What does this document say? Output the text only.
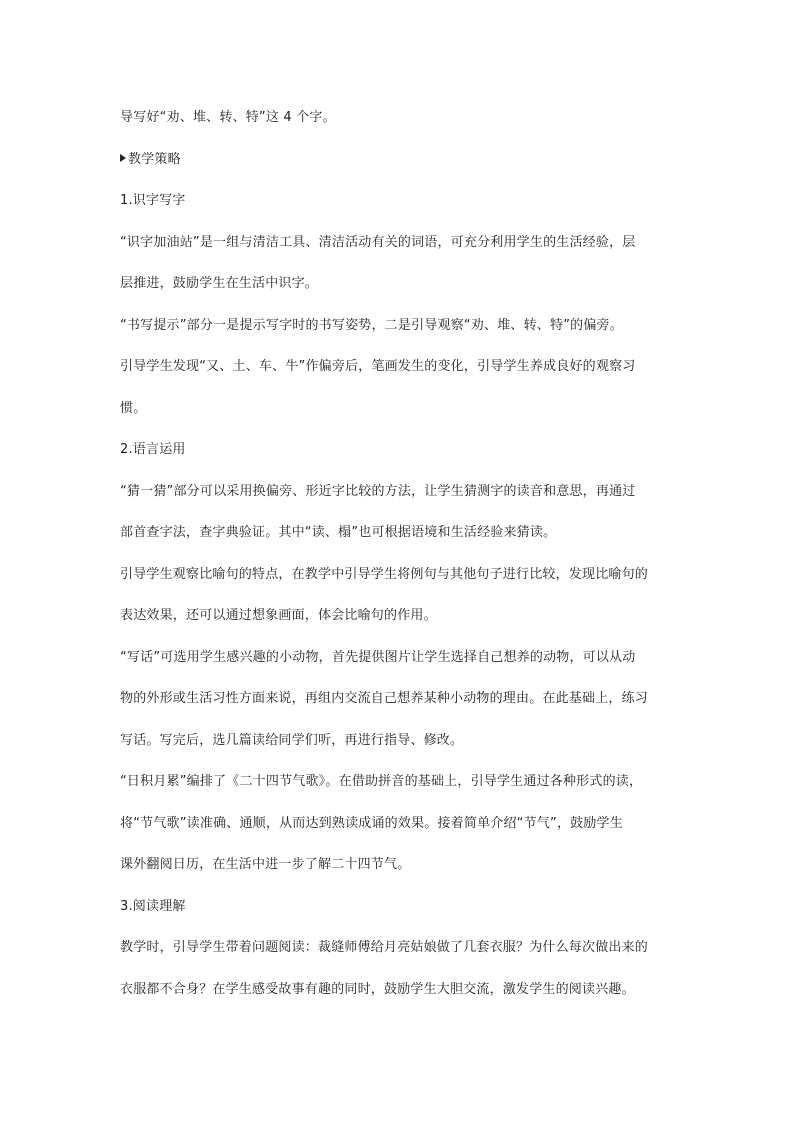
导写好“劝、堆、转、特”这 4 个字。
教学策略
1.识字写字
“识字加油站”是一组与清洁工具、清洁活动有关的词语，可充分利用学生的生活经验，层
层推进，鼓励学生在生活中识字。
“书写提示”部分一是提示写字时的书写姿势，二是引导观察“劝、堆、转、特”的偏旁。
引导学生发现“又、土、车、牛”作偏旁后，笔画发生的变化，引导学生养成良好的观察习
惯。
2.语言运用
“猜一猜”部分可以采用换偏旁、形近字比较的方法，让学生猜测字的读音和意思，再通过
部首查字法，查字典验证。其中“读、榻”也可根据语境和生活经验来猜读。
引导学生观察比喻句的特点，在教学中引导学生将例句与其他句子进行比较，发现比喻句的
表达效果，还可以通过想象画面，体会比喻句的作用。
“写话”可选用学生感兴趣的小动物，首先提供图片让学生选择自己想养的动物，可以从动
物的外形或生活习性方面来说，再组内交流自己想养某种小动物的理由。在此基础上，练习
写话。写完后，选几篇读给同学们听，再进行指导、修改。
“日积月累”编排了《二十四节气歌》。在借助拼音的基础上，引导学生通过各种形式的读，
将“节气歌”读准确、通顺，从而达到熟读成诵的效果。接着简单介绍“节气”，鼓励学生
课外翻阅日历，在生活中进一步了解二十四节气。
3.阅读理解
教学时，引导学生带着问题阅读：裁缝师傅给月亮姑娘做了几套衣服？为什么每次做出来的
衣服都不合身？在学生感受故事有趣的同时，鼓励学生大胆交流，激发学生的阅读兴趣。
